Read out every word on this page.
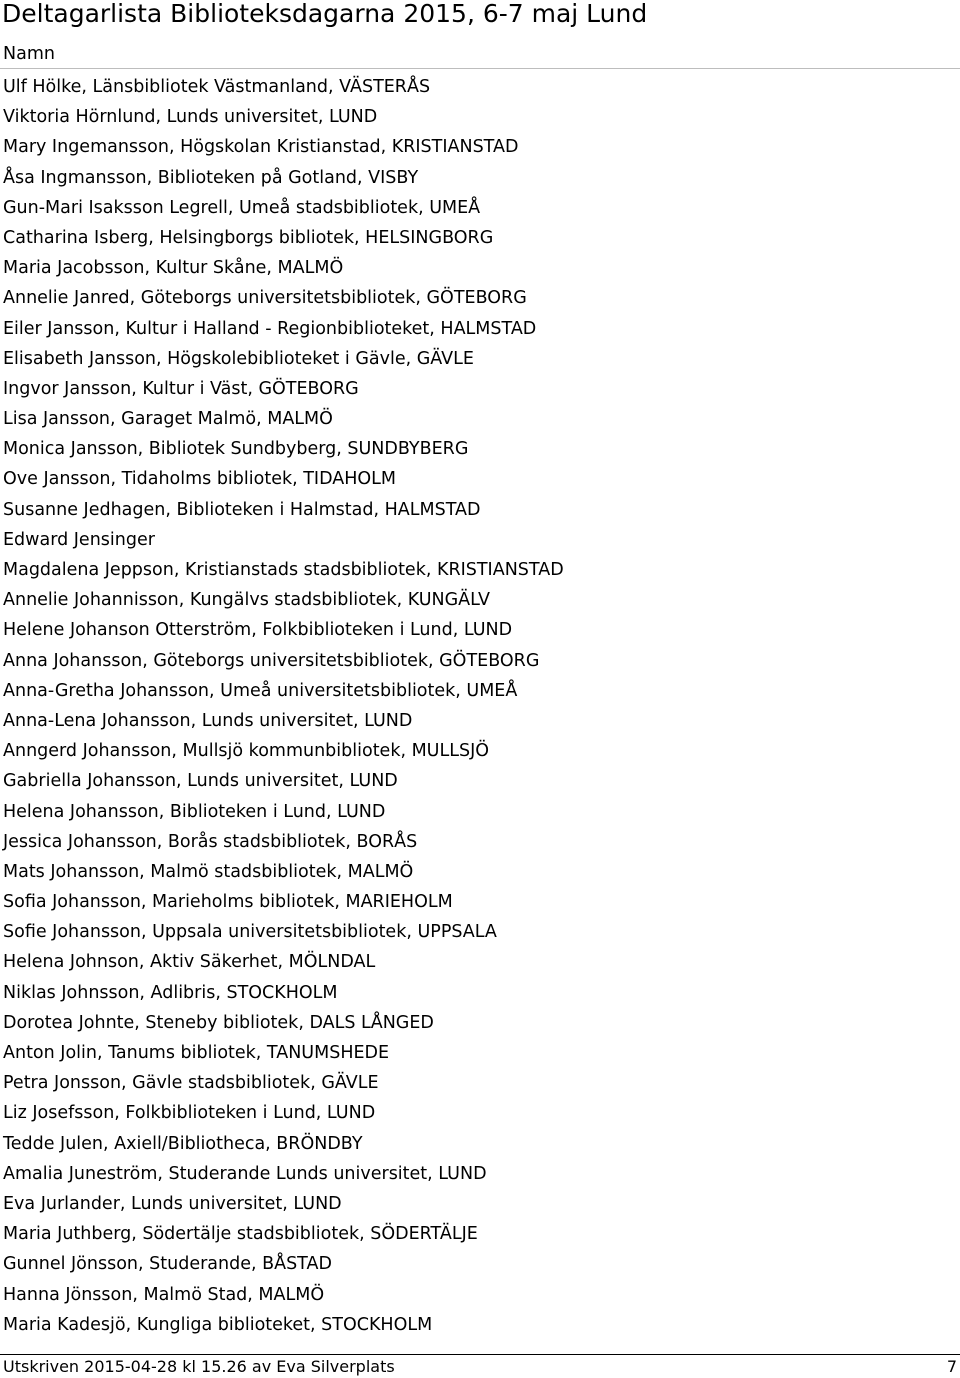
Deltagarlista Biblioteksdagarna 2015, 6-7 maj Lund
Namn
Ulf Hölke, Länsbibliotek Västmanland, VÄSTERÅS
Viktoria Hörnlund, Lunds universitet, LUND
Mary Ingemansson, Högskolan Kristianstad, KRISTIANSTAD
Åsa Ingmansson, Biblioteken på Gotland, VISBY
Gun-Mari Isaksson Legrell, Umeå stadsbibliotek, UMEÅ
Catharina Isberg, Helsingborgs bibliotek, HELSINGBORG
Maria Jacobsson, Kultur Skåne, MALMÖ
Annelie Janred, Göteborgs universitetsbibliotek, GÖTEBORG
Eiler Jansson, Kultur i Halland - Regionbiblioteket, HALMSTAD
Elisabeth Jansson, Högskolebiblioteket i Gävle, GÄVLE
Ingvor Jansson, Kultur i Väst, GÖTEBORG
Lisa Jansson, Garaget Malmö, MALMÖ
Monica Jansson, Bibliotek Sundbyberg, SUNDBYBERG
Ove Jansson, Tidaholms bibliotek, TIDAHOLM
Susanne Jedhagen, Biblioteken i Halmstad, HALMSTAD
Edward Jensinger
Magdalena Jeppson, Kristianstads stadsbibliotek, KRISTIANSTAD
Annelie Johannisson, Kungälvs stadsbibliotek, KUNGÄLV
Helene Johanson Otterström, Folkbiblioteken i Lund, LUND
Anna Johansson, Göteborgs universitetsbibliotek, GÖTEBORG
Anna-Gretha Johansson, Umeå universitetsbibliotek, UMEÅ
Anna-Lena Johansson, Lunds universitet, LUND
Anngerd Johansson, Mullsjö kommunbibliotek, MULLSJÖ
Gabriella Johansson, Lunds universitet, LUND
Helena Johansson, Biblioteken i Lund, LUND
Jessica Johansson, Borås stadsbibliotek, BORÅS
Mats Johansson, Malmö stadsbibliotek, MALMÖ
Sofia Johansson, Marieholms bibliotek, MARIEHOLM
Sofie Johansson, Uppsala universitetsbibliotek, UPPSALA
Helena Johnson, Aktiv Säkerhet, MÖLNDAL
Niklas Johnsson, Adlibris, STOCKHOLM
Dorotea Johnte, Steneby bibliotek, DALS LÅNGED
Anton Jolin, Tanums bibliotek, TANUMSHEDE
Petra Jonsson, Gävle stadsbibliotek, GÄVLE
Liz Josefsson, Folkbiblioteken i Lund, LUND
Tedde Julen, Axiell/Bibliotheca, BRÖNDBY
Amalia Juneström, Studerande Lunds universitet, LUND
Eva Jurlander, Lunds universitet, LUND
Maria Juthberg, Södertälje stadsbibliotek, SÖDERTÄLJE
Gunnel Jönsson, Studerande, BÅSTAD
Hanna Jönsson, Malmö Stad, MALMÖ
Maria Kadesjö, Kungliga biblioteket, STOCKHOLM
Utskriven 2015-04-28 kl 15.26 av Eva Silverplats	7
